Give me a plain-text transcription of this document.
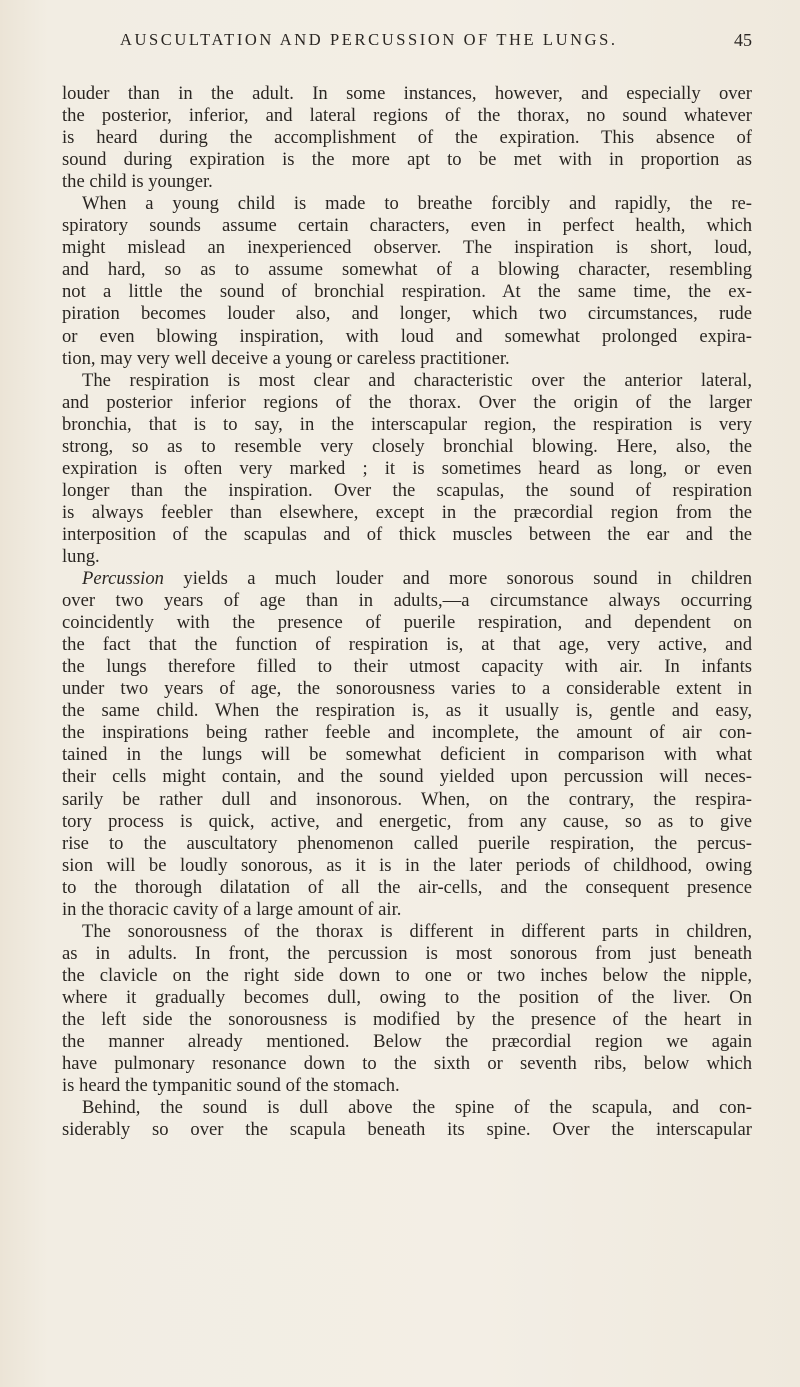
AUSCULTATION AND PERCUSSION OF THE LUNGS.	45
louder than in the adult. In some instances, however, and especially over
the posterior, inferior, and lateral regions of the thorax, no sound whatever
is heard during the accomplishment of the expiration. This absence of
sound during expiration is the more apt to be met with in proportion as
the child is younger.
When a young child is made to breathe forcibly and rapidly, the re-
spiratory sounds assume certain characters, even in perfect health, which
might mislead an inexperienced observer. The inspiration is short, loud,
and hard, so as to assume somewhat of a blowing character, resembling
not a little the sound of bronchial respiration. At the same time, the ex-
piration becomes louder also, and longer, which two circumstances, rude
or even blowing inspiration, with loud and somewhat prolonged expira-
tion, may very well deceive a young or careless practitioner.
The respiration is most clear and characteristic over the anterior lateral,
and posterior inferior regions of the thorax. Over the origin of the larger
bronchia, that is to say, in the interscapular region, the respiration is very
strong, so as to resemble very closely bronchial blowing. Here, also, the
expiration is often very marked ; it is sometimes heard as long, or even
longer than the inspiration. Over the scapulas, the sound of respiration
is always feebler than elsewhere, except in the præcordial region from the
interposition of the scapulas and of thick muscles between the ear and the
lung.
Percussion yields a much louder and more sonorous sound in children
over two years of age than in adults,—a circumstance always occurring
coincidently with the presence of puerile respiration, and dependent on
the fact that the function of respiration is, at that age, very active, and
the lungs therefore filled to their utmost capacity with air. In infants
under two years of age, the sonorousness varies to a considerable extent in
the same child. When the respiration is, as it usually is, gentle and easy,
the inspirations being rather feeble and incomplete, the amount of air con-
tained in the lungs will be somewhat deficient in comparison with what
their cells might contain, and the sound yielded upon percussion will neces-
sarily be rather dull and insonorous. When, on the contrary, the respira-
tory process is quick, active, and energetic, from any cause, so as to give
rise to the auscultatory phenomenon called puerile respiration, the percus-
sion will be loudly sonorous, as it is in the later periods of childhood, owing
to the thorough dilatation of all the air-cells, and the consequent presence
in the thoracic cavity of a large amount of air.
The sonorousness of the thorax is different in different parts in children,
as in adults. In front, the percussion is most sonorous from just beneath
the clavicle on the right side down to one or two inches below the nipple,
where it gradually becomes dull, owing to the position of the liver. On
the left side the sonorousness is modified by the presence of the heart in
the manner already mentioned. Below the præcordial region we again
have pulmonary resonance down to the sixth or seventh ribs, below which
is heard the tympanitic sound of the stomach.
Behind, the sound is dull above the spine of the scapula, and con-
siderably so over the scapula beneath its spine. Over the interscapular
